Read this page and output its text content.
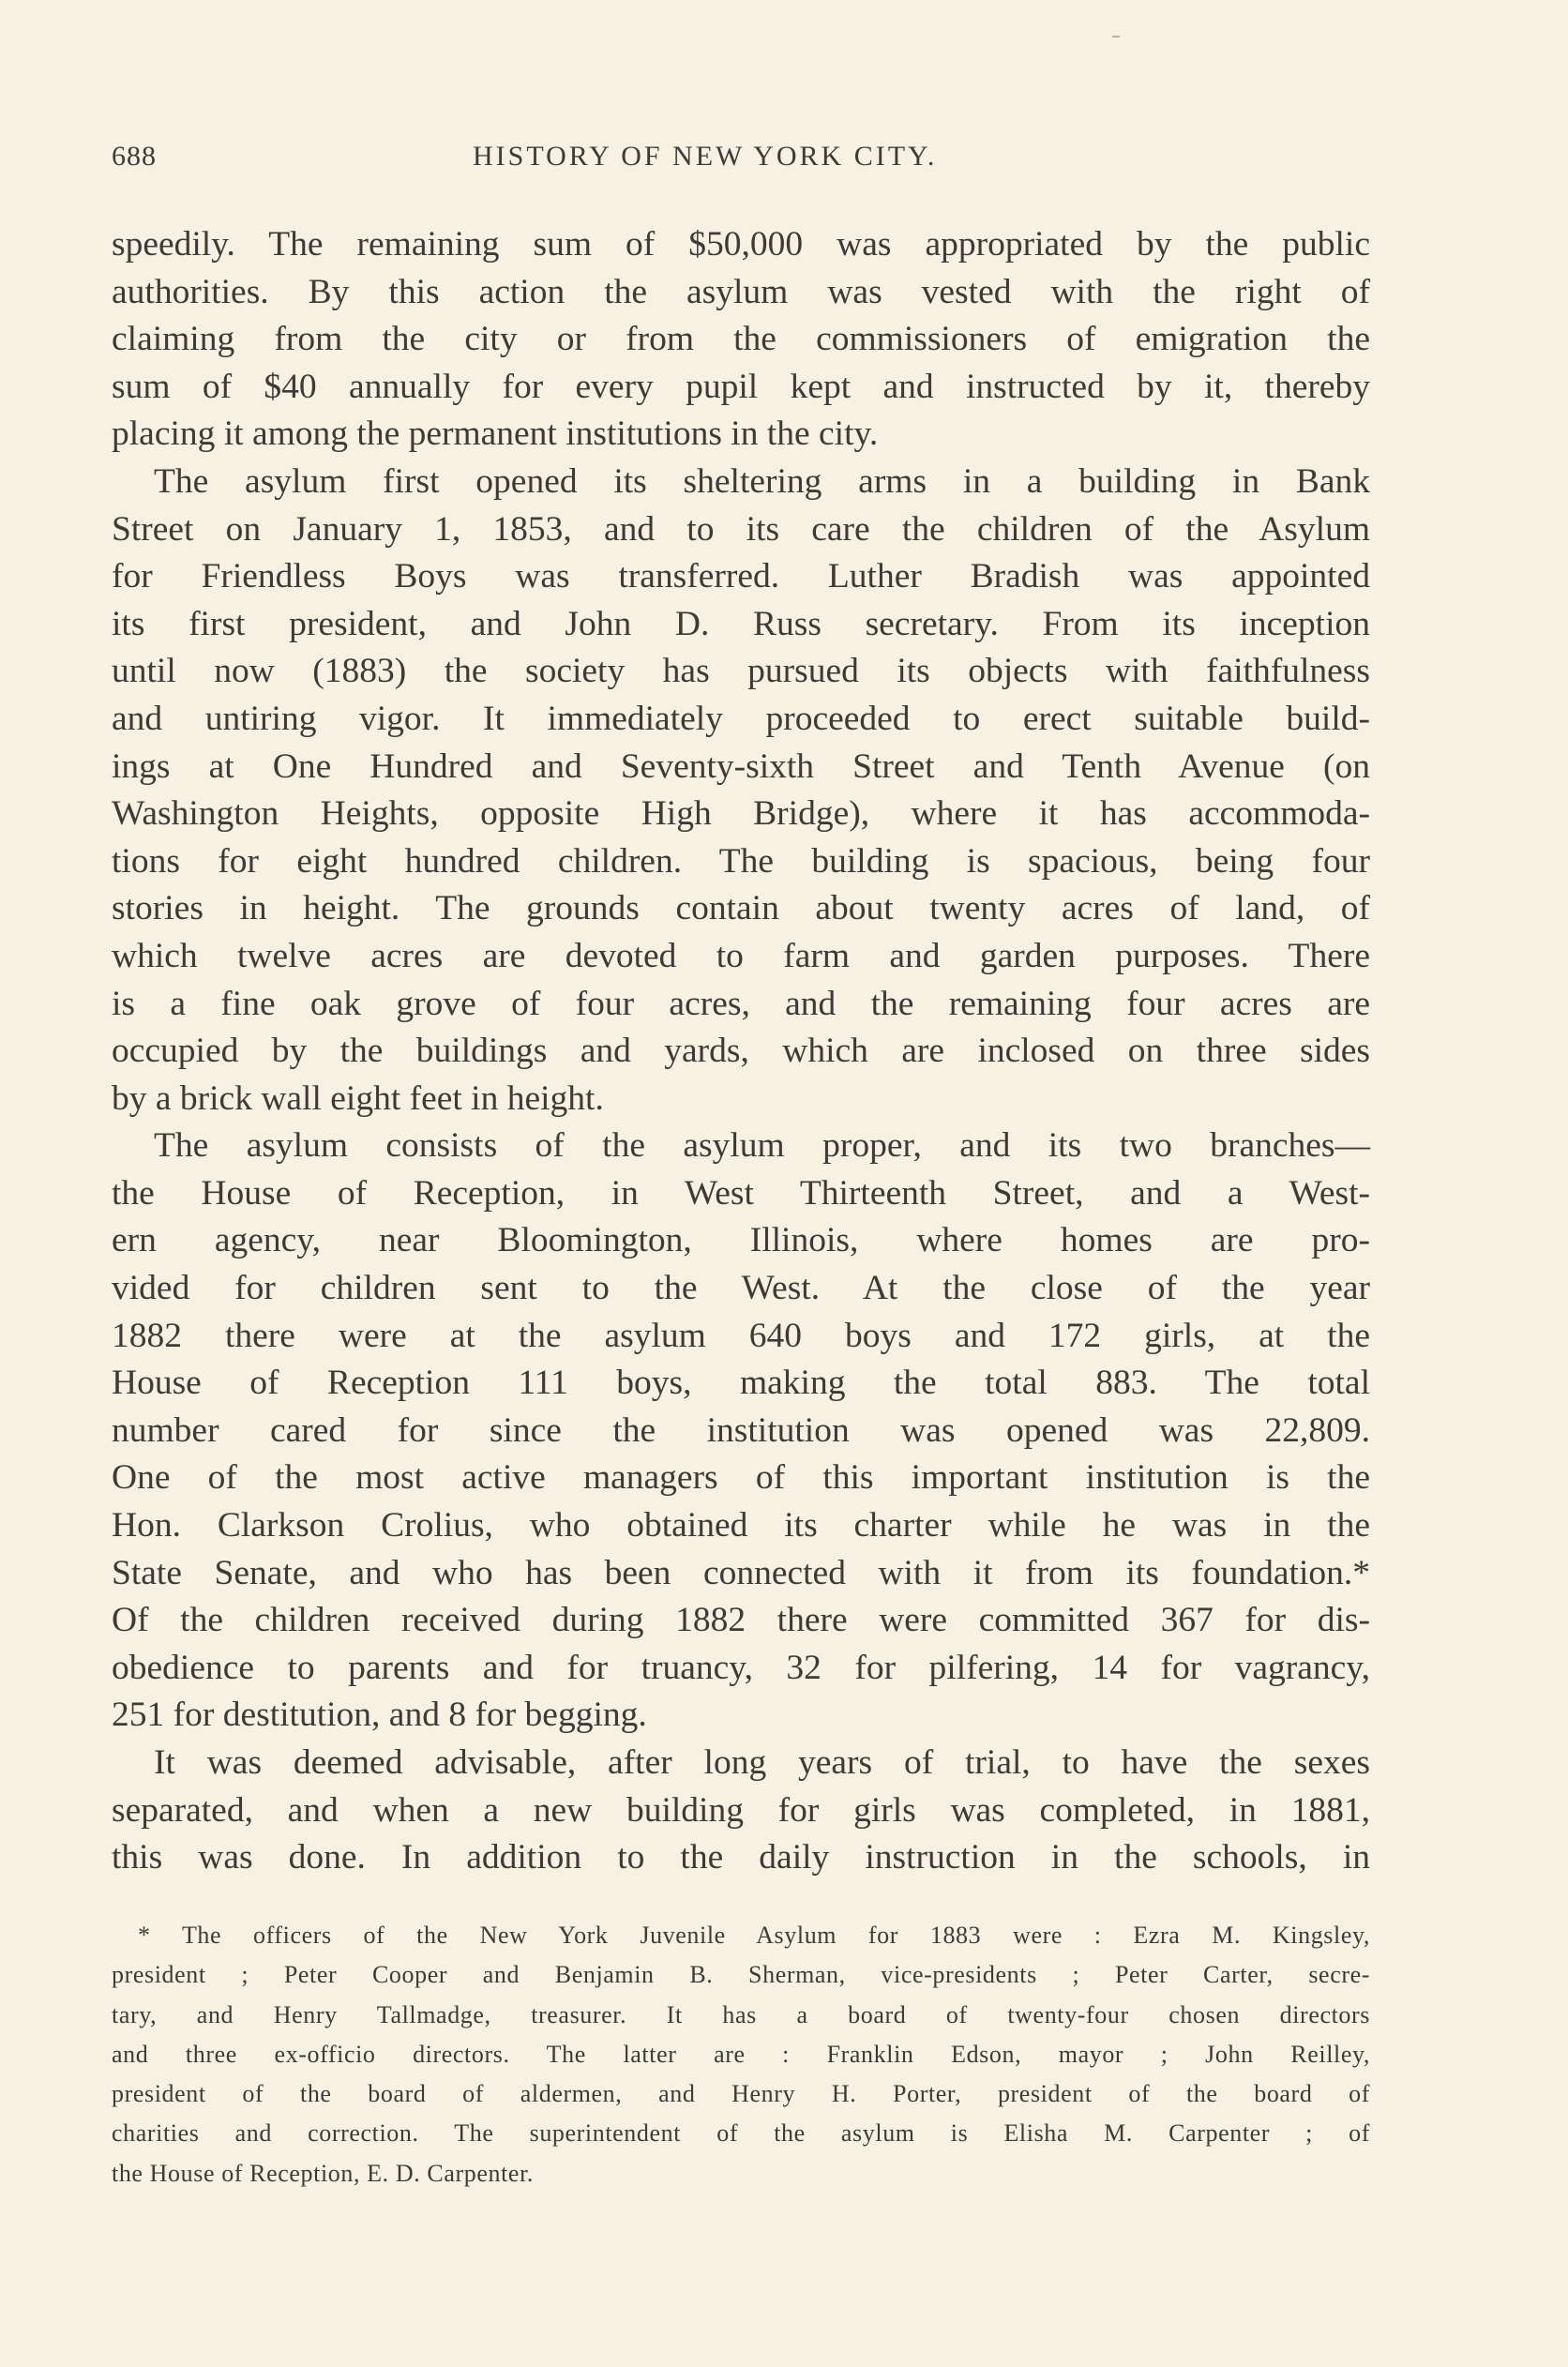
688	HISTORY OF NEW YORK CITY.
speedily. The remaining sum of $50,000 was appropriated by the public
authorities. By this action the asylum was vested with the right of
claiming from the city or from the commissioners of emigration the
sum of $40 annually for every pupil kept and instructed by it, thereby
placing it among the permanent institutions in the city.
The asylum first opened its sheltering arms in a building in Bank
Street on January 1, 1853, and to its care the children of the Asylum
for Friendless Boys was transferred. Luther Bradish was appointed
its first president, and John D. Russ secretary. From its inception
until now (1883) the society has pursued its objects with faithfulness
and untiring vigor. It immediately proceeded to erect suitable build-
ings at One Hundred and Seventy-sixth Street and Tenth Avenue (on
Washington Heights, opposite High Bridge), where it has accommoda-
tions for eight hundred children. The building is spacious, being four
stories in height. The grounds contain about twenty acres of land, of
which twelve acres are devoted to farm and garden purposes. There
is a fine oak grove of four acres, and the remaining four acres are
occupied by the buildings and yards, which are inclosed on three sides
by a brick wall eight feet in height.
The asylum consists of the asylum proper, and its two branches—
the House of Reception, in West Thirteenth Street, and a West-
ern agency, near Bloomington, Illinois, where homes are pro-
vided for children sent to the West. At the close of the year
1882 there were at the asylum 640 boys and 172 girls, at the
House of Reception 111 boys, making the total 883. The total
number cared for since the institution was opened was 22,809.
One of the most active managers of this important institution is the
Hon. Clarkson Crolius, who obtained its charter while he was in the
State Senate, and who has been connected with it from its foundation.*
Of the children received during 1882 there were committed 367 for dis-
obedience to parents and for truancy, 32 for pilfering, 14 for vagrancy,
251 for destitution, and 8 for begging.
It was deemed advisable, after long years of trial, to have the sexes
separated, and when a new building for girls was completed, in 1881,
this was done. In addition to the daily instruction in the schools, in
* The officers of the New York Juvenile Asylum for 1883 were : Ezra M. Kingsley,
president ; Peter Cooper and Benjamin B. Sherman, vice-presidents ; Peter Carter, secre-
tary, and Henry Tallmadge, treasurer. It has a board of twenty-four chosen directors
and three ex-officio directors. The latter are : Franklin Edson, mayor ; John Reilley,
president of the board of aldermen, and Henry H. Porter, president of the board of
charities and correction. The superintendent of the asylum is Elisha M. Carpenter ; of
the House of Reception, E. D. Carpenter.
